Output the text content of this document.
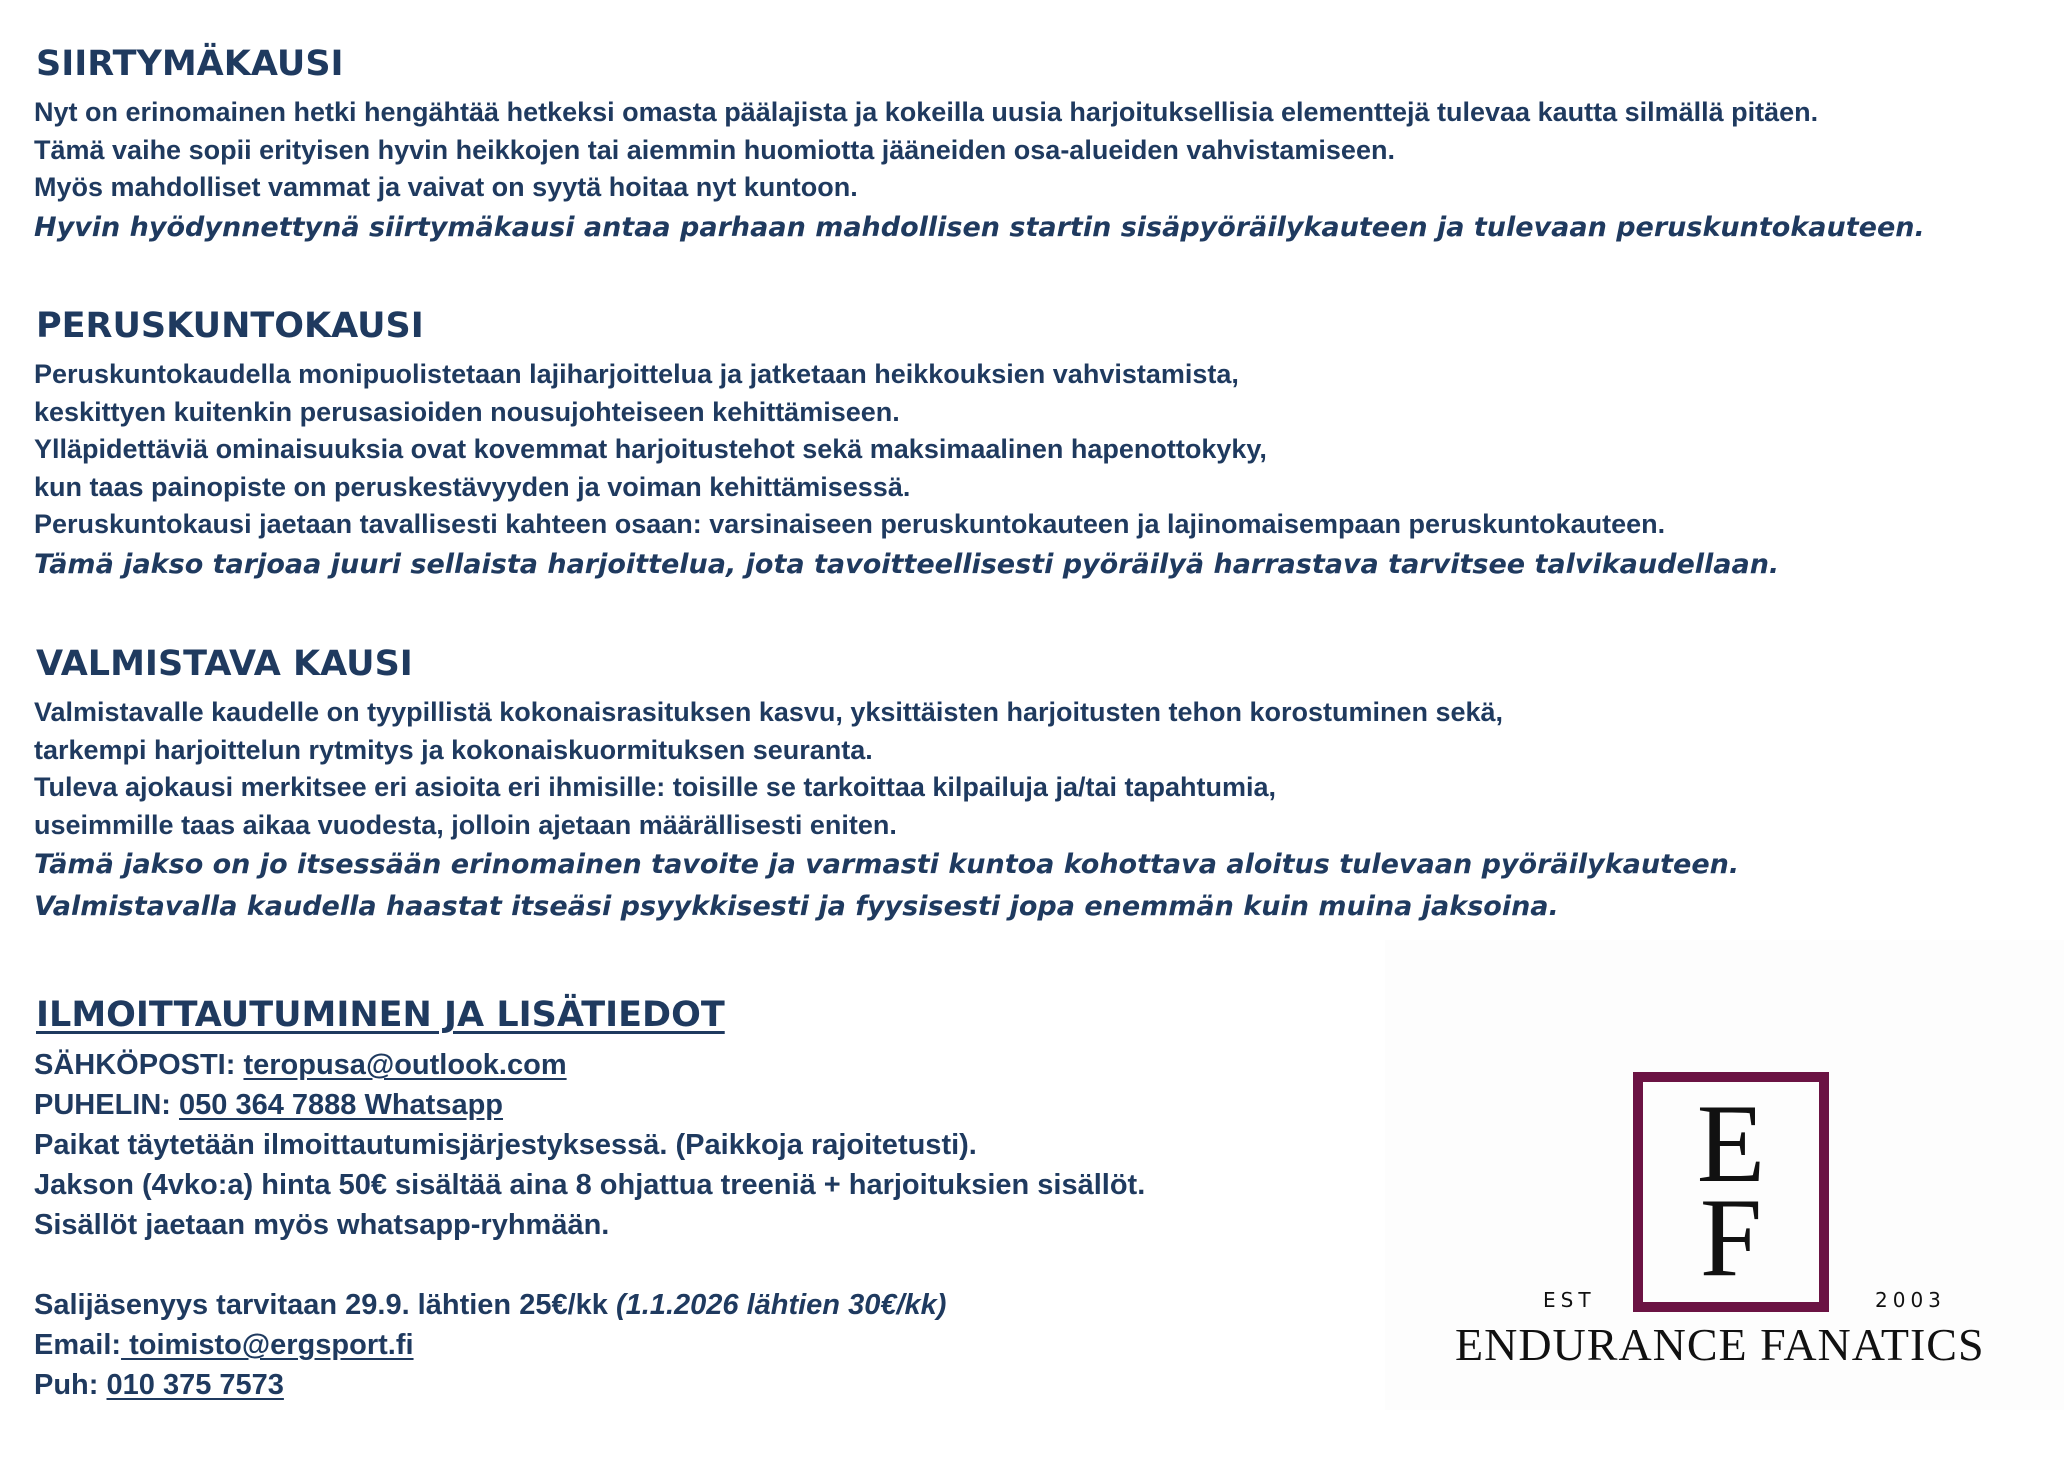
SIIRTYMÄKAUSI
Nyt on erinomainen hetki hengähtää hetkeksi omasta päälajista ja kokeilla uusia harjoituksellisia elementtejä tulevaa kautta silmällä pitäen.
Tämä vaihe sopii erityisen hyvin heikkojen tai aiemmin huomiotta jääneiden osa-alueiden vahvistamiseen.
Myös mahdolliset vammat ja vaivat on syytä hoitaa nyt kuntoon.
Hyvin hyödynnettynä siirtymäkausi antaa parhaan mahdollisen startin sisäpyöräilykauteen ja tulevaan peruskuntokauteen.
PERUSKUNTOKAUSI
Peruskuntokaudella monipuolistetaan lajiharjoittelua ja jatketaan heikkouksien vahvistamista,
keskittyen kuitenkin perusasioiden nousujohteiseen kehittämiseen.
Ylläpidettäviä ominaisuuksia ovat kovemmat harjoitustehot sekä maksimaalinen hapenottokyky,
kun taas painopiste on peruskestävyyden ja voiman kehittämisessä.
Peruskuntokausi jaetaan tavallisesti kahteen osaan: varsinaiseen peruskuntokauteen ja lajinomaisempaan peruskuntokauteen.
Tämä jakso tarjoaa juuri sellaista harjoittelua, jota tavoitteellisesti pyöräilyä harrastava tarvitsee talvikaudellaan.
VALMISTAVA KAUSI
Valmistavalle kaudelle on tyypillistä kokonaisrasituksen kasvu, yksittäisten harjoitusten tehon korostuminen sekä,
tarkempi harjoittelun rytmitys ja kokonaiskuormituksen seuranta.
Tuleva ajokausi merkitsee eri asioita eri ihmisille: toisille se tarkoittaa kilpailuja ja/tai tapahtumia,
useimmille taas aikaa vuodesta, jolloin ajetaan määrällisesti eniten.
Tämä jakso on jo itsessään erinomainen tavoite ja varmasti kuntoa kohottava aloitus tulevaan pyöräilykauteen.
Valmistavalla kaudella haastat itseäsi psyykkisesti ja fyysisesti jopa enemmän kuin muina jaksoina.
ILMOITTAUTUMINEN JA LISÄTIEDOT
SÄHKÖPOSTI: teropusa@outlook.com
PUHELIN: 050 364 7888 Whatsapp
Paikat täytetään ilmoittautumisjärjestyksessä. (Paikkoja rajoitetusti).
Jakson (4vko:a) hinta 50€ sisältää aina 8 ohjattua treeniä + harjoituksien sisällöt.
Sisällöt jaetaan myös whatsapp-ryhmään.
Salijäsenyys tarvitaan 29.9. lähtien 25€/kk (1.1.2026 lähtien 30€/kk)
Email: toimisto@ergsport.fi
Puh: 010 375 7573
E
F
EST	2003
ENDURANCE FANATICS
